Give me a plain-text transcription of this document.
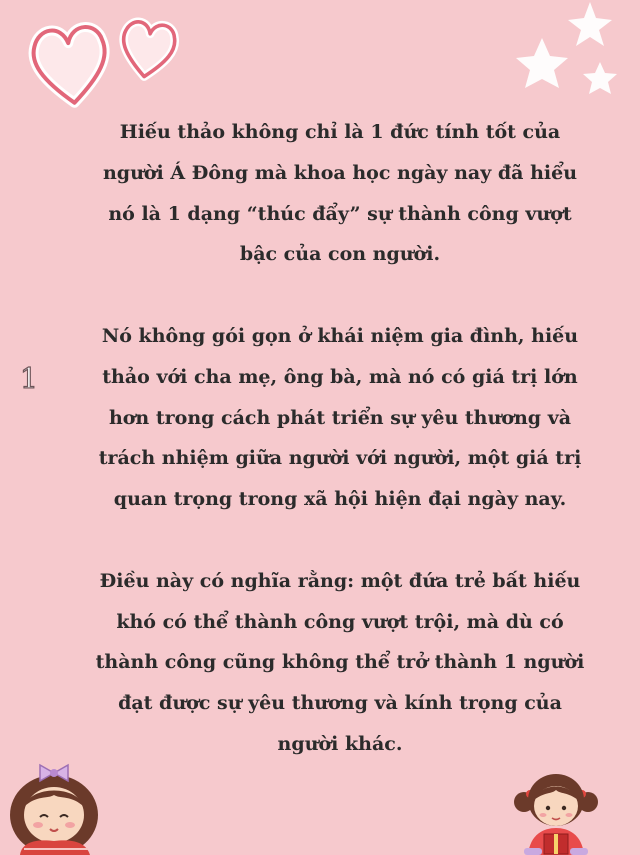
1

Hiếu thảo không chỉ là 1 đức tính tốt của
người Á Đông mà khoa học ngày nay đã hiểu
nó là 1 dạng “thúc đẩy” sự thành công vượt
bậc của con người.

Nó không gói gọn ở khái niệm gia đình, hiếu
thảo với cha mẹ, ông bà, mà nó có giá trị lớn
hơn trong cách phát triển sự yêu thương và
trách nhiệm giữa người với người, một giá trị
quan trọng trong xã hội hiện đại ngày nay.

Điều này có nghĩa rằng: một đứa trẻ bất hiếu
khó có thể thành công vượt trội, mà dù có
thành công cũng không thể trở thành 1 người
đạt được sự yêu thương và kính trọng của
người khác.
